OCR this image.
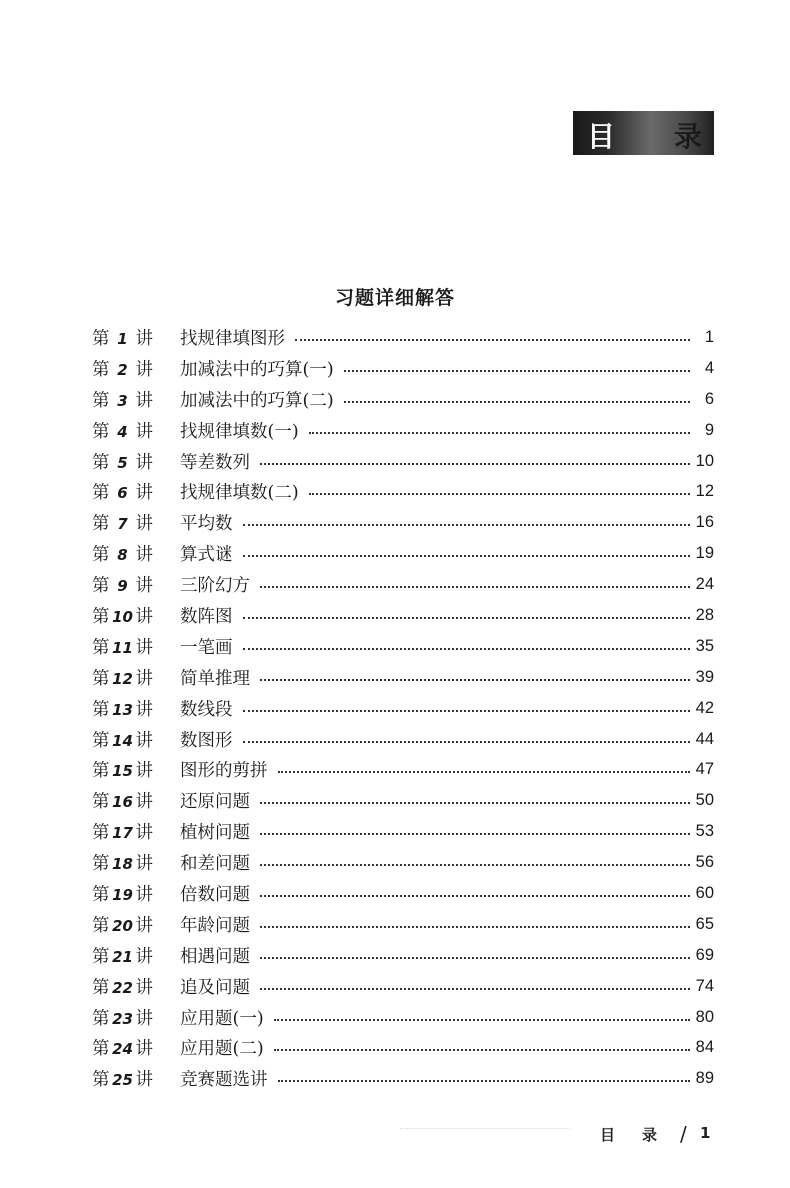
目 录
习题详细解答
第 1 讲 找规律填图形	1
第 2 讲 加减法中的巧算(一)	4
第 3 讲 加减法中的巧算(二)	6
第 4 讲 找规律填数(一)	9
第 5 讲 等差数列	10
第 6 讲 找规律填数(二)	12
第 7 讲 平均数	16
第 8 讲 算式谜	19
第 9 讲 三阶幻方	24
第 10 讲 数阵图	28
第 11 讲 一笔画	35
第 12 讲 简单推理	39
第 13 讲 数线段	42
第 14 讲 数图形	44
第 15 讲 图形的剪拼	47
第 16 讲 还原问题	50
第 17 讲 植树问题	53
第 18 讲 和差问题	56
第 19 讲 倍数问题	60
第 20 讲 年龄问题	65
第 21 讲 相遇问题	69
第 22 讲 追及问题	74
第 23 讲 应用题(一)	80
第 24 讲 应用题(二)	84
第 25 讲 竞赛题选讲	89
目 录 / 1
